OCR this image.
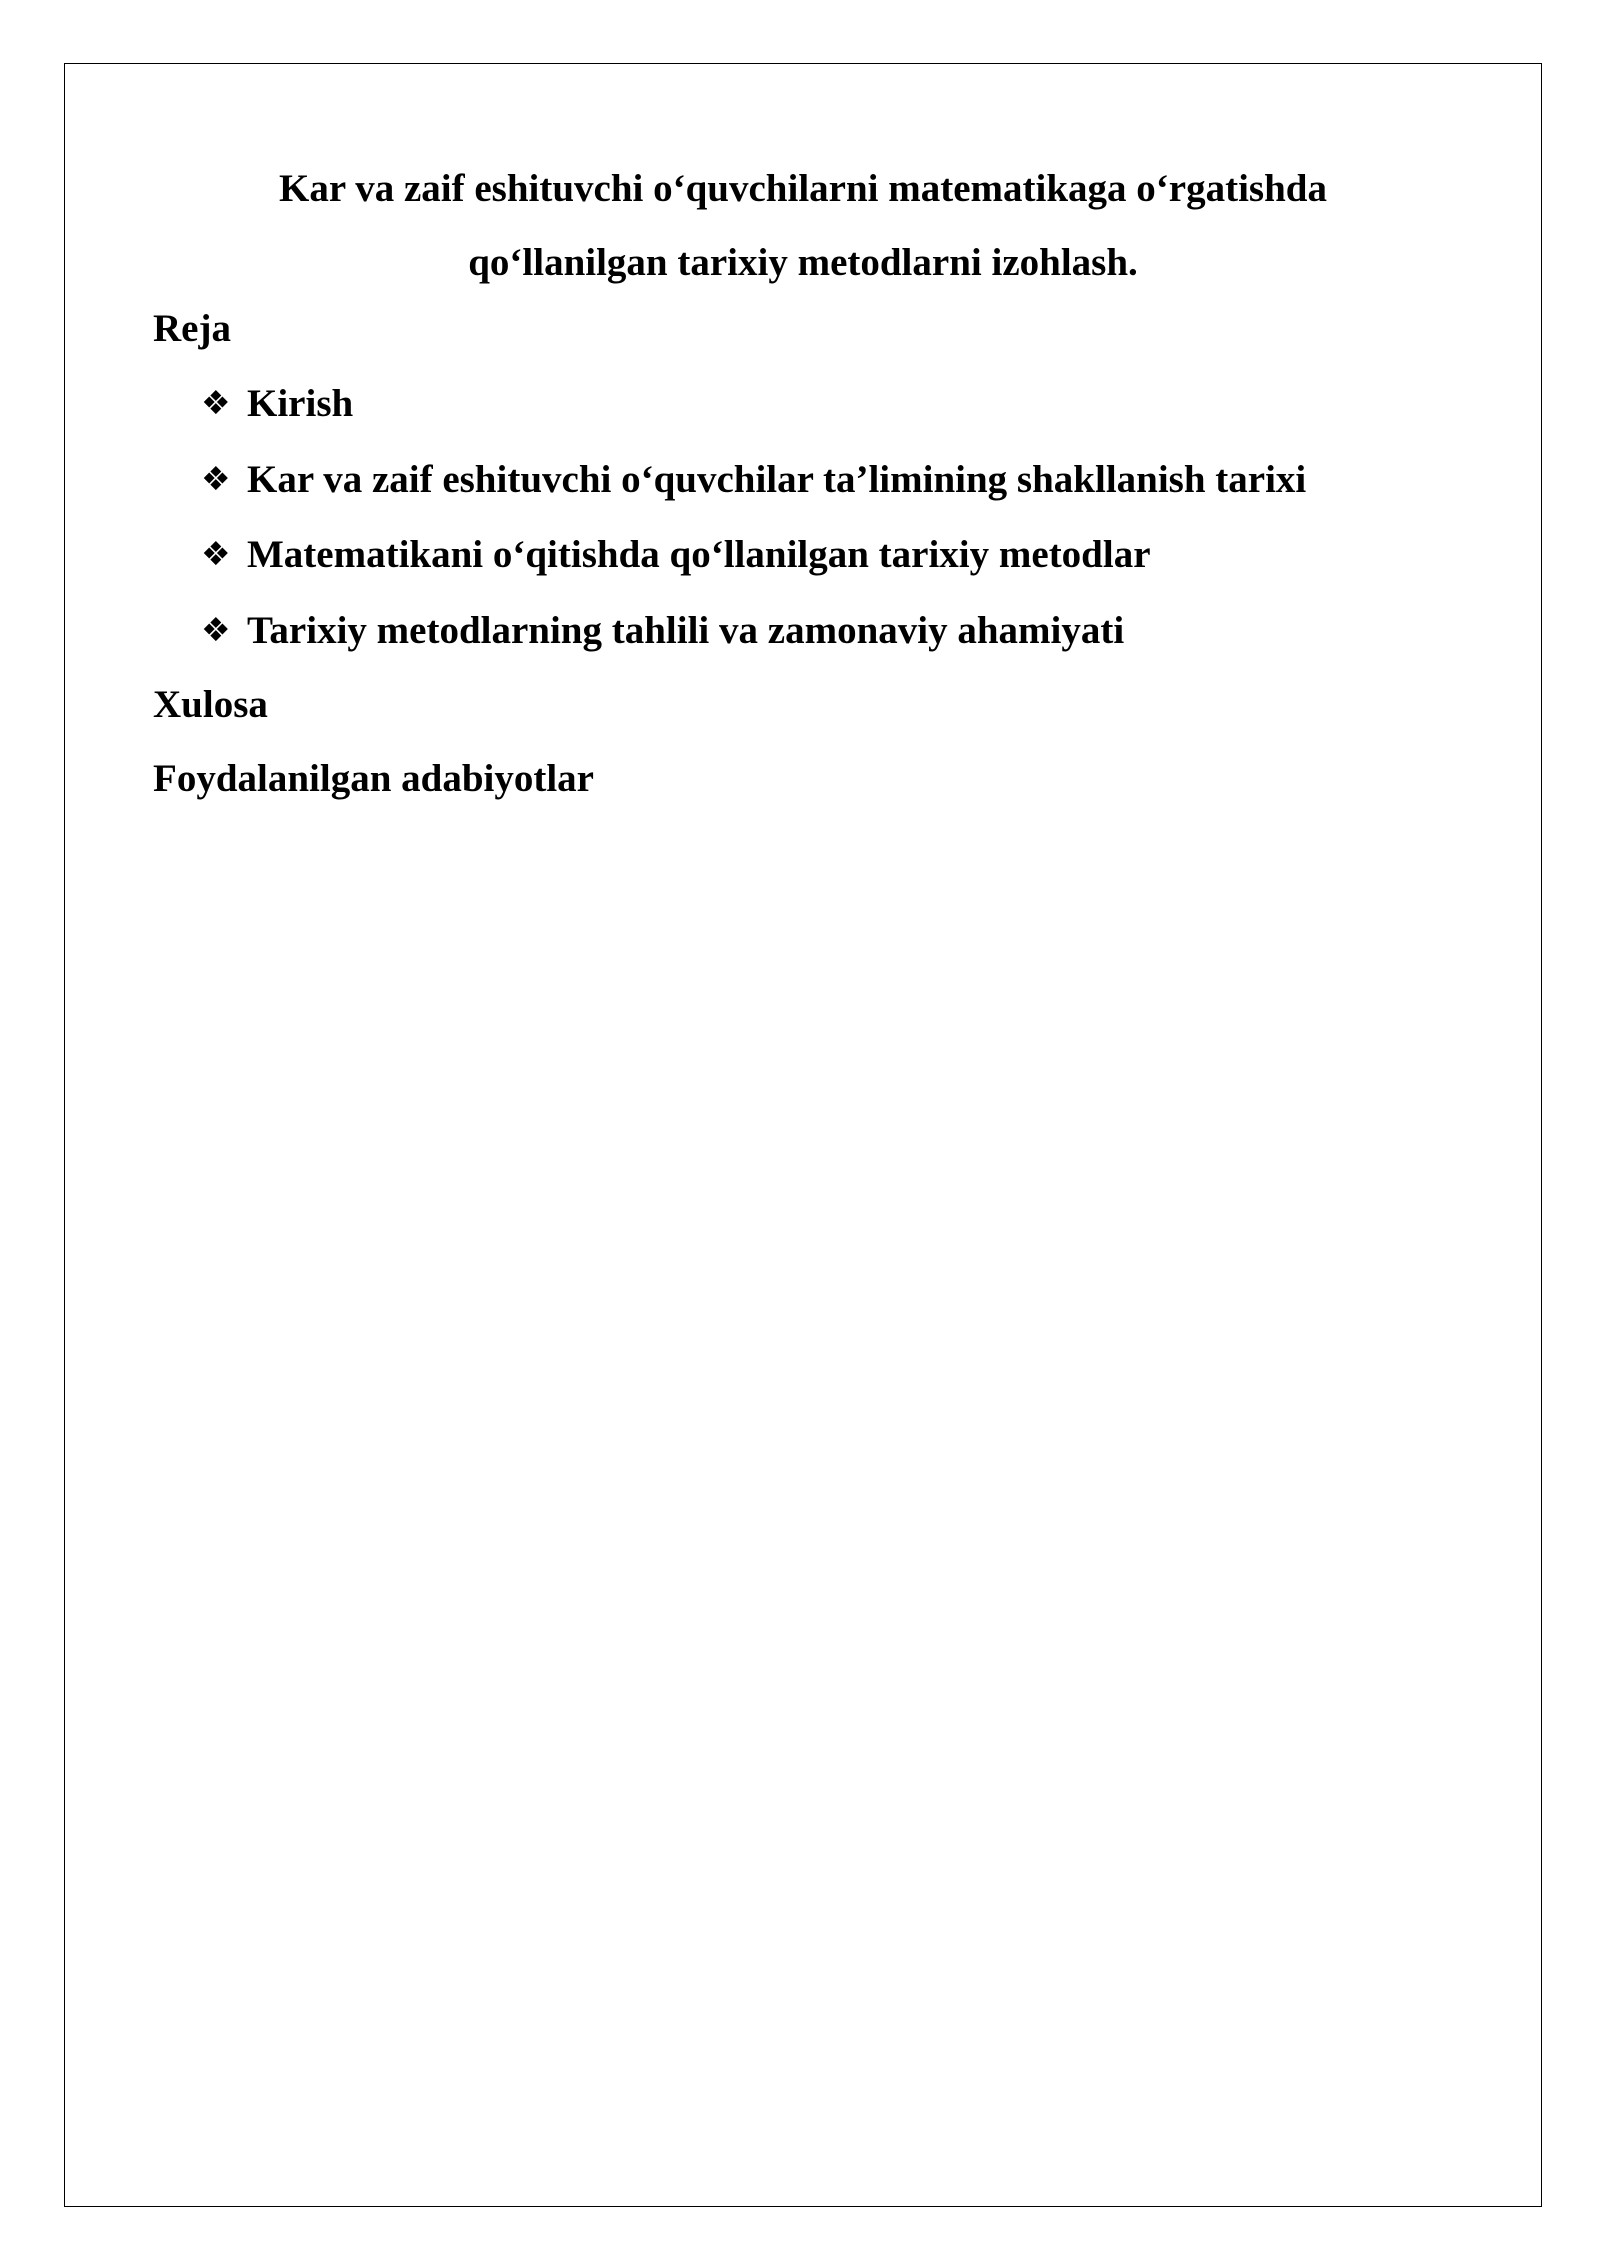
Kar va zaif eshituvchi o‘quvchilarni matematikaga o‘rgatishda
qo‘llanilgan tarixiy metodlarni izohlash.

Reja

❖ Kirish
❖ Kar va zaif eshituvchi o‘quvchilar ta’limining shakllanish tarixi
❖ Matematikani o‘qitishda qo‘llanilgan tarixiy metodlar
❖ Tarixiy metodlarning tahlili va zamonaviy ahamiyati

Xulosa

Foydalanilgan adabiyotlar
